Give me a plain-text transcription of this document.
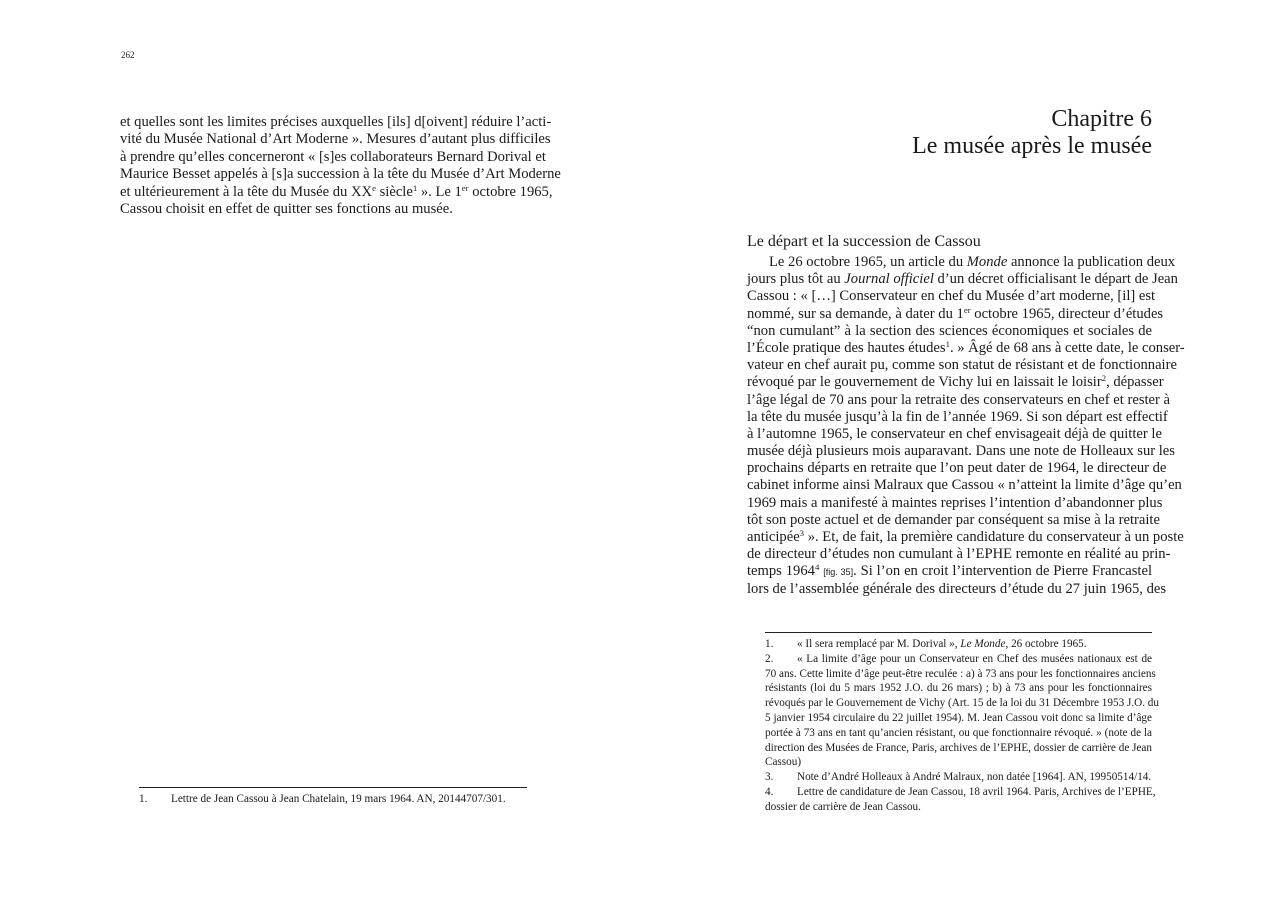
262
et quelles sont les limites précises auxquelles [ils] d[oivent] réduire l’acti-
vité du Musée National d’Art Moderne ». Mesures d’autant plus difficiles
à prendre qu’elles concerneront « [s]es collaborateurs Bernard Dorival et
Maurice Besset appelés à [s]a succession à la tête du Musée d’Art Moderne
et ultérieurement à la tête du Musée du XXe siècle$^1$ ». Le 1er octobre 1965,
Cassou choisit en effet de quitter ses fonctions au musée.
1. Lettre de Jean Cassou à Jean Chatelain, 19 mars 1964. AN, 20144707/301.
Chapitre 6
Le musée après le musée
Le départ et la succession de Cassou
Le 26 octobre 1965, un article du Monde annonce la publication deux
jours plus tôt au Journal officiel d’un décret officialisant le départ de Jean
Cassou : « […] Conservateur en chef du Musée d’art moderne, [il] est
nommé, sur sa demande, à dater du 1er octobre 1965, directeur d’études
“non cumulant” à la section des sciences économiques et sociales de
l’École pratique des hautes études$^1$. » Âgé de 68 ans à cette date, le conser-
vateur en chef aurait pu, comme son statut de résistant et de fonctionnaire
révoqué par le gouvernement de Vichy lui en laissait le loisir$^2$, dépasser
l’âge légal de 70 ans pour la retraite des conservateurs en chef et rester à
la tête du musée jusqu’à la fin de l’année 1969. Si son départ est effectif
à l’automne 1965, le conservateur en chef envisageait déjà de quitter le
musée déjà plusieurs mois auparavant. Dans une note de Holleaux sur les
prochains départs en retraite que l’on peut dater de 1964, le directeur de
cabinet informe ainsi Malraux que Cassou « n’atteint la limite d’âge qu’en
1969 mais a manifesté à maintes reprises l’intention d’abandonner plus
tôt son poste actuel et de demander par conséquent sa mise à la retraite
anticipée$^3$ ». Et, de fait, la première candidature du conservateur à un poste
de directeur d’études non cumulant à l’EPHE remonte en réalité au prin-
temps 1964$^4$ [fig. 35]. Si l’on en croit l’intervention de Pierre Francastel
lors de l’assemblée générale des directeurs d’étude du 27 juin 1965, des
1. « Il sera remplacé par M. Dorival », Le Monde, 26 octobre 1965.
2. « La limite d’âge pour un Conservateur en Chef des musées nationaux est de
70 ans. Cette limite d’âge peut-être reculée : a) à 73 ans pour les fonctionnaires anciens
résistants (loi du 5 mars 1952 J.O. du 26 mars) ; b) à 73 ans pour les fonctionnaires
révoqués par le Gouvernement de Vichy (Art. 15 de la loi du 31 Décembre 1953 J.O. du
5 janvier 1954 circulaire du 22 juillet 1954). M. Jean Cassou voit donc sa limite d’âge
portée à 73 ans en tant qu’ancien résistant, ou que fonctionnaire révoqué. » (note de la
direction des Musées de France, Paris, archives de l’EPHE, dossier de carrière de Jean
Cassou)
3. Note d’André Holleaux à André Malraux, non datée [1964]. AN, 19950514/14.
4. Lettre de candidature de Jean Cassou, 18 avril 1964. Paris, Archives de l’EPHE,
dossier de carrière de Jean Cassou.
